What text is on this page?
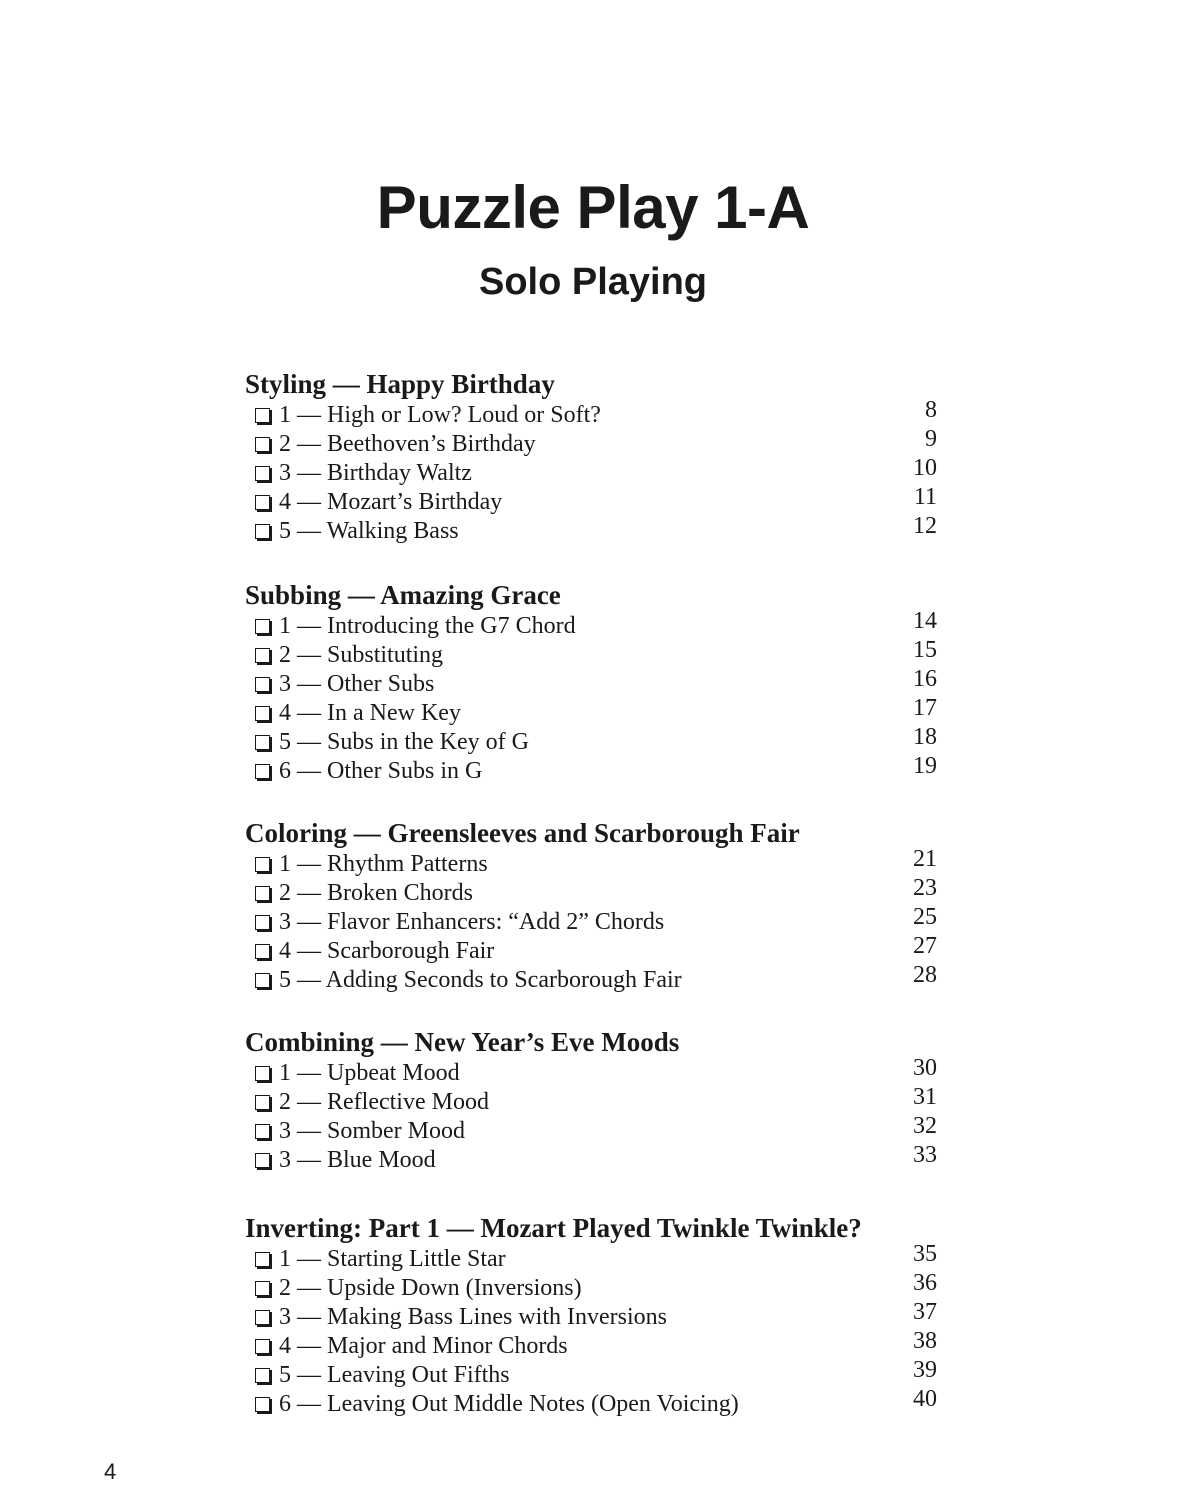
Puzzle Play 1-A
Solo Playing
Styling — Happy Birthday
1 — High or Low? Loud or Soft?	8
2 — Beethoven’s Birthday	9
3 — Birthday Waltz	10
4 — Mozart’s Birthday	11
5 — Walking Bass	12
Subbing — Amazing Grace
1 — Introducing the G7 Chord	14
2 — Substituting	15
3 — Other Subs	16
4 — In a New Key	17
5 — Subs in the Key of G	18
6 — Other Subs in G	19
Coloring — Greensleeves and Scarborough Fair
1 — Rhythm Patterns	21
2 — Broken Chords	23
3 — Flavor Enhancers: “Add 2” Chords	25
4 — Scarborough Fair	27
5 — Adding Seconds to Scarborough Fair	28
Combining — New Year’s Eve Moods
1 — Upbeat Mood	30
2 — Reflective Mood	31
3 — Somber Mood	32
3 — Blue Mood	33
Inverting: Part 1 — Mozart Played Twinkle Twinkle?
1 — Starting Little Star	35
2 — Upside Down (Inversions)	36
3 — Making Bass Lines with Inversions	37
4 — Major and Minor Chords	38
5 — Leaving Out Fifths	39
6 — Leaving Out Middle Notes (Open Voicing)	40
4
